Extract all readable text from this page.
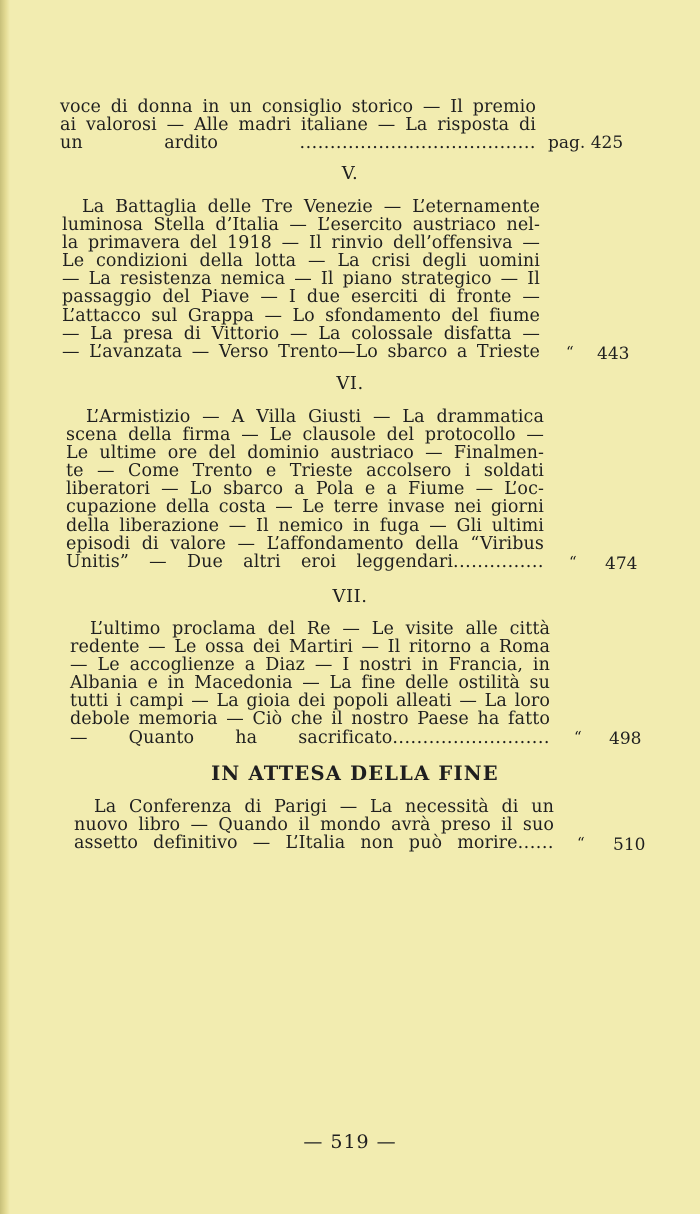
voce di donna in un consiglio storico — Il premio
ai valorosi — Alle madri italiane — La risposta di
un ardito	....................................... pag. 425
V.
La Battaglia delle Tre Venezie — L’eternamente
luminosa Stella d’Italia — L’esercito austriaco nel-
la primavera del 1918 — Il rinvio dell’offensiva —
Le condizioni della lotta — La crisi degli uomini
— La resistenza nemica — Il piano strategico — Il
passaggio del Piave — I due eserciti di fronte —
L’attacco sul Grappa — Lo sfondamento del fiume
— La presa di Vittorio — La colossale disfatta —
— L’avanzata — Verso Trento—Lo sbarco a Trieste “ 443
VI.
L’Armistizio — A Villa Giusti — La drammatica
scena della firma — Le clausole del protocollo —
Le ultime ore del dominio austriaco — Finalmen-
te — Come Trento e Trieste accolsero i soldati
liberatori — Lo sbarco a Pola e a Fiume — L’oc-
cupazione della costa — Le terre invase nei giorni
della liberazione — Il nemico in fuga — Gli ultimi
episodi di valore — L’affondamento della “Viribus
Unitis” — Due altri eroi leggendari............... “ 474
VII.
L’ultimo proclama del Re — Le visite alle città
redente — Le ossa dei Martiri — Il ritorno a Roma
— Le accoglienze a Diaz — I nostri in Francia, in
Albania e in Macedonia — La fine delle ostilità su
tutti i campi — La gioia dei popoli alleati — La loro
debole memoria — Ciò che il nostro Paese ha fatto
— Quanto ha sacrificato.......................... “ 498
IN ATTESA DELLA FINE
La Conferenza di Parigi — La necessità di un
nuovo libro — Quando il mondo avrà preso il suo
assetto definitivo — L’Italia non può morire...... “ 510
— 519 —
